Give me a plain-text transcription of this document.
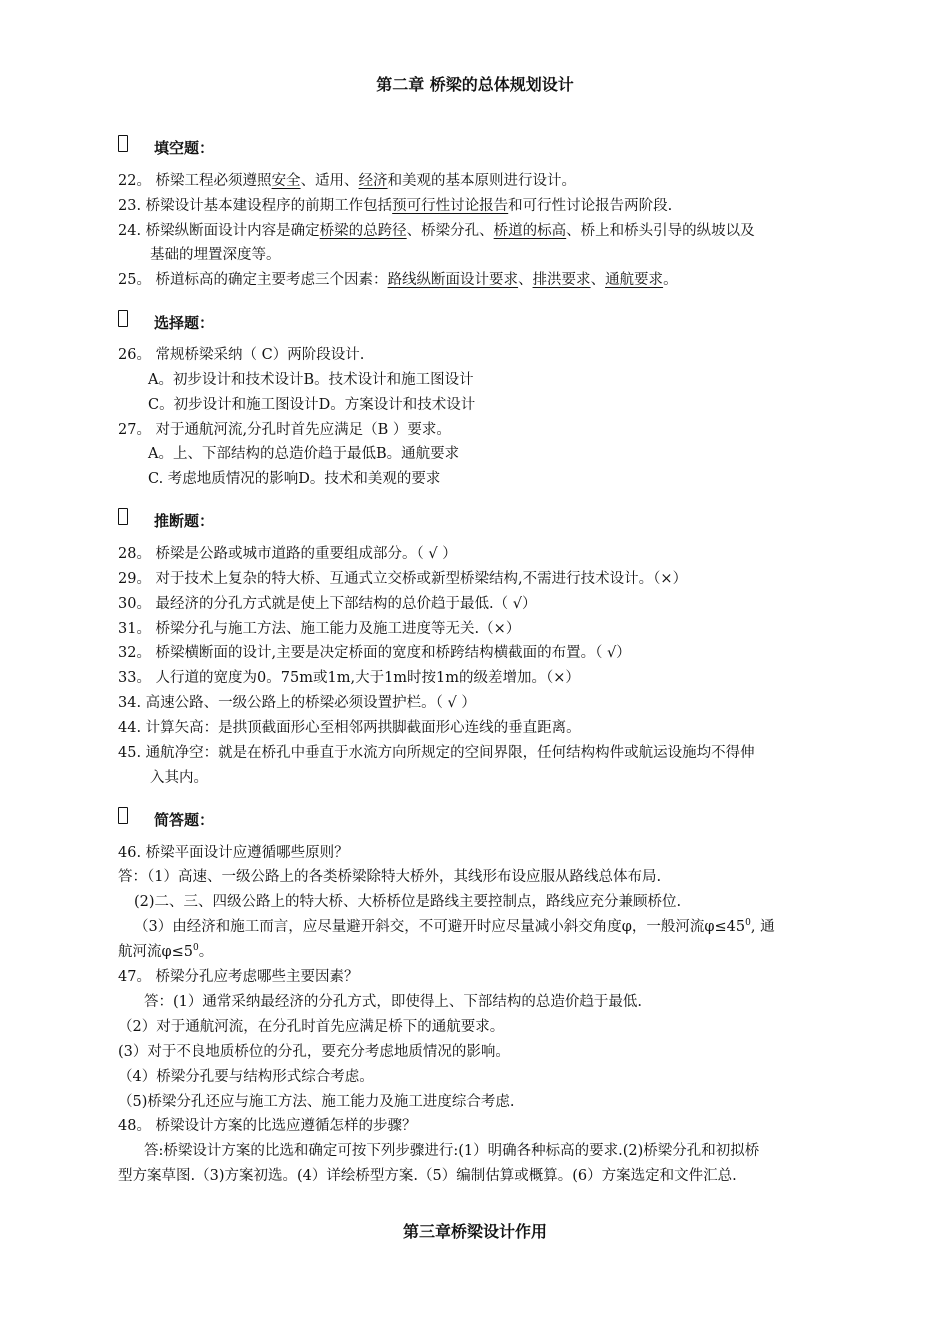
第二章 桥梁的总体规划设计
填空题：
22。 桥梁工程必须遵照安全、适用、经济和美观的基本原则进行设计。
23. 桥梁设计基本建设程序的前期工作包括预可行性讨论报告和可行性讨论报告两阶段.
24. 桥梁纵断面设计内容是确定桥梁的总跨径、桥梁分孔、桥道的标高、桥上和桥头引导的纵坡以及
基础的埋置深度等。
25。 桥道标高的确定主要考虑三个因素：路线纵断面设计要求、排洪要求、通航要求。
选择题：
26。 常规桥梁采纳（ C）两阶段设计.
A。初步设计和技术设计B。技术设计和施工图设计
C。初步设计和施工图设计D。方案设计和技术设计
27。 对于通航河流,分孔时首先应满足（B ）要求。
A。上、下部结构的总造价趋于最低B。通航要求
C. 考虑地质情况的影响D。技术和美观的要求
推断题：
28。 桥梁是公路或城市道路的重要组成部分。（ √ ）
29。 对于技术上复杂的特大桥、互通式立交桥或新型桥梁结构,不需进行技术设计。（×）
30。 最经济的分孔方式就是使上下部结构的总价趋于最低.（ √）
31。 桥梁分孔与施工方法、施工能力及施工进度等无关.（×）
32。 桥梁横断面的设计,主要是决定桥面的宽度和桥跨结构横截面的布置。（ √）
33。 人行道的宽度为0。75m或1m,大于1m时按1m的级差增加。（×）
34. 高速公路、一级公路上的桥梁必须设置护栏。（ √ ）
44. 计算矢高：是拱顶截面形心至相邻两拱脚截面形心连线的垂直距离。
45. 通航净空：就是在桥孔中垂直于水流方向所规定的空间界限，任何结构构件或航运设施均不得伸
入其内。
简答题：
46. 桥梁平面设计应遵循哪些原则？
答：（1）高速、一级公路上的各类桥梁除特大桥外，其线形布设应服从路线总体布局.
(2)二、三、四级公路上的特大桥、大桥桥位是路线主要控制点，路线应充分兼顾桥位.
（3）由经济和施工而言，应尽量避开斜交，不可避开时应尽量减小斜交角度φ，一般河流$\varphi\le 45^0$, 通
航河流$\varphi\le 5^0$。
47。 桥梁分孔应考虑哪些主要因素？
答：(1）通常采纳最经济的分孔方式，即使得上、下部结构的总造价趋于最低.
（2）对于通航河流，在分孔时首先应满足桥下的通航要求。
(3）对于不良地质桥位的分孔，要充分考虑地质情况的影响。
（4）桥梁分孔要与结构形式综合考虑。
（5)桥梁分孔还应与施工方法、施工能力及施工进度综合考虑.
48。 桥梁设计方案的比选应遵循怎样的步骤？
答:桥梁设计方案的比选和确定可按下列步骤进行:(1）明确各种标高的要求.(2)桥梁分孔和初拟桥
型方案草图.（3)方案初选。(4）详绘桥型方案.（5）编制估算或概算。(6）方案选定和文件汇总.
第三章桥梁设计作用
